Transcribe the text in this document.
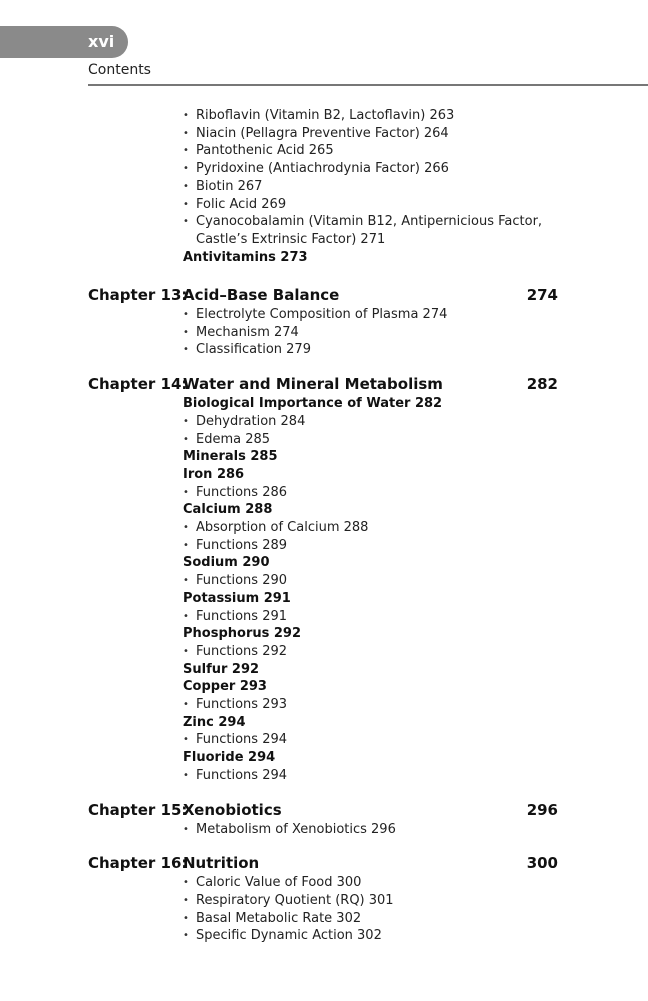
xvi
Contents
• Riboflavin (Vitamin B2, Lactoflavin) 263
• Niacin (Pellagra Preventive Factor) 264
• Pantothenic Acid 265
• Pyridoxine (Antiachrodynia Factor) 266
• Biotin 267
• Folic Acid 269
• Cyanocobalamin (Vitamin B12, Antipernicious Factor,
Castle’s Extrinsic Factor) 271
Antivitamins 273
Chapter 13:
Acid–Base Balance	274
• Electrolyte Composition of Plasma 274
• Mechanism 274
• Classification 279
Chapter 14:
Water and Mineral Metabolism	282
Biological Importance of Water 282
• Dehydration 284
• Edema 285
Minerals 285
Iron 286
• Functions 286
Calcium 288
• Absorption of Calcium 288
• Functions 289
Sodium 290
• Functions 290
Potassium 291
• Functions 291
Phosphorus 292
• Functions 292
Sulfur 292
Copper 293
• Functions 293
Zinc 294
• Functions 294
Fluoride 294
• Functions 294
Chapter 15:
Xenobiotics	296
• Metabolism of Xenobiotics 296
Chapter 16:
Nutrition	300
• Caloric Value of Food 300
• Respiratory Quotient (RQ) 301
• Basal Metabolic Rate 302
• Specific Dynamic Action 302
